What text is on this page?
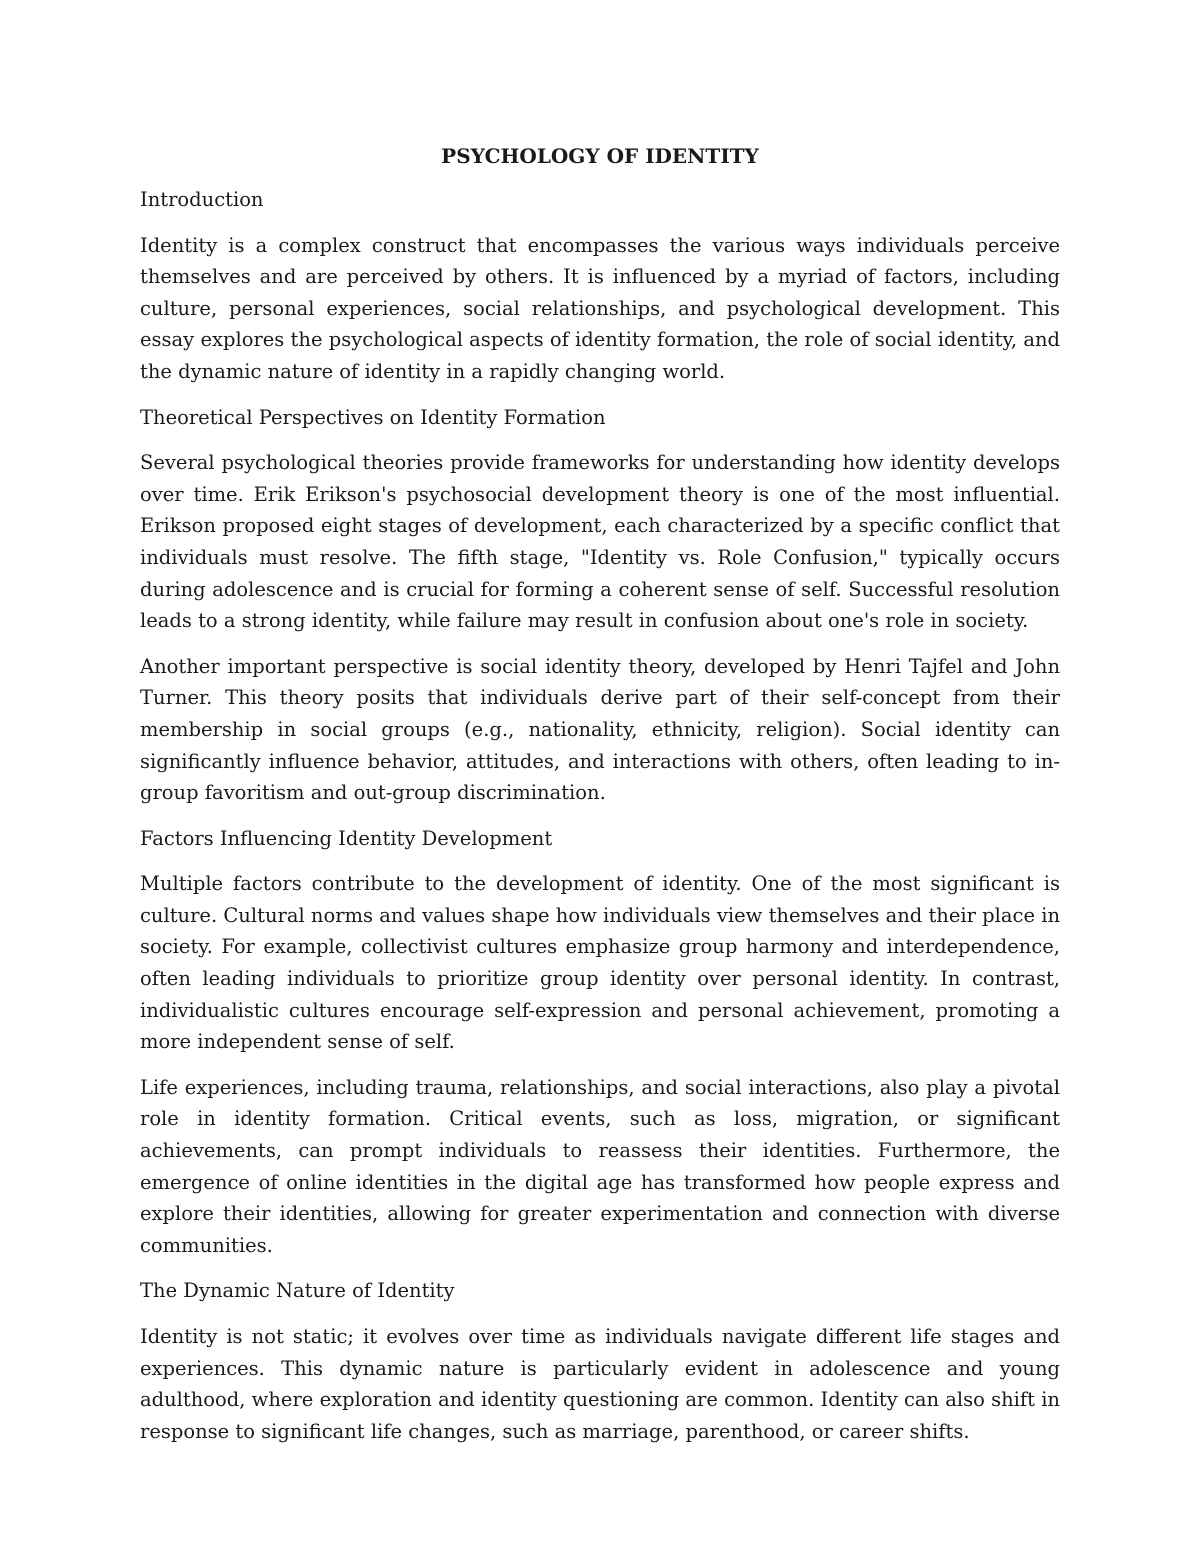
PSYCHOLOGY OF IDENTITY
Introduction
Identity is a complex construct that encompasses the various ways individuals perceive themselves and are perceived by others. It is influenced by a myriad of factors, including culture, personal experiences, social relationships, and psychological development. This essay explores the psychological aspects of identity formation, the role of social identity, and the dynamic nature of identity in a rapidly changing world.
Theoretical Perspectives on Identity Formation
Several psychological theories provide frameworks for understanding how identity develops over time. Erik Erikson's psychosocial development theory is one of the most influential. Erikson proposed eight stages of development, each characterized by a specific conflict that individuals must resolve. The fifth stage, "Identity vs. Role Confusion," typically occurs during adolescence and is crucial for forming a coherent sense of self. Successful resolution leads to a strong identity, while failure may result in confusion about one's role in society.
Another important perspective is social identity theory, developed by Henri Tajfel and John Turner. This theory posits that individuals derive part of their self-concept from their membership in social groups (e.g., nationality, ethnicity, religion). Social identity can significantly influence behavior, attitudes, and interactions with others, often leading to in-group favoritism and out-group discrimination.
Factors Influencing Identity Development
Multiple factors contribute to the development of identity. One of the most significant is culture. Cultural norms and values shape how individuals view themselves and their place in society. For example, collectivist cultures emphasize group harmony and interdependence, often leading individuals to prioritize group identity over personal identity. In contrast, individualistic cultures encourage self-expression and personal achievement, promoting a more independent sense of self.
Life experiences, including trauma, relationships, and social interactions, also play a pivotal role in identity formation. Critical events, such as loss, migration, or significant achievements, can prompt individuals to reassess their identities. Furthermore, the emergence of online identities in the digital age has transformed how people express and explore their identities, allowing for greater experimentation and connection with diverse communities.
The Dynamic Nature of Identity
Identity is not static; it evolves over time as individuals navigate different life stages and experiences. This dynamic nature is particularly evident in adolescence and young adulthood, where exploration and identity questioning are common. Identity can also shift in response to significant life changes, such as marriage, parenthood, or career shifts.
